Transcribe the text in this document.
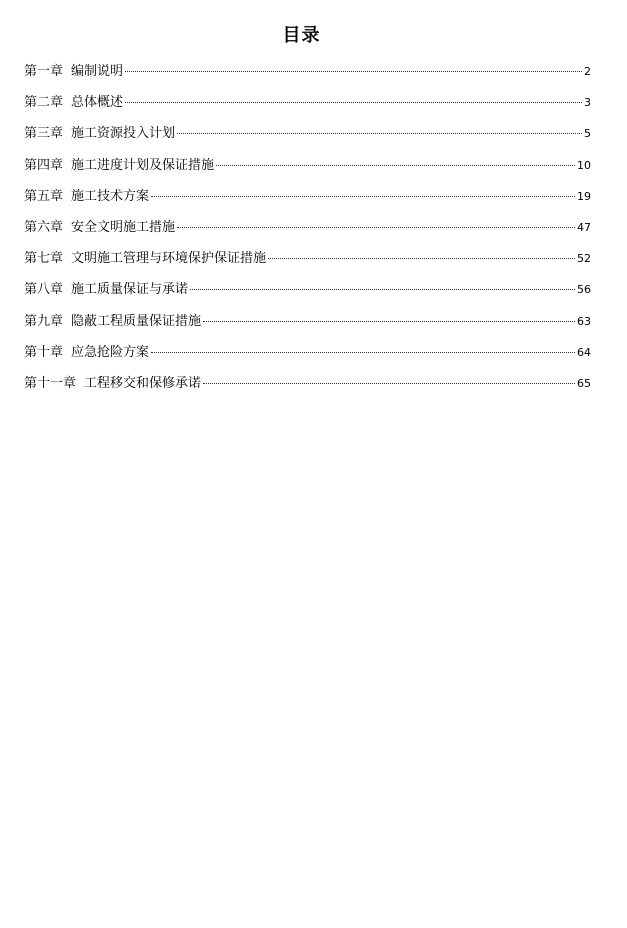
目录
第一章 编制说明	2
第二章 总体概述	3
第三章 施工资源投入计划	5
第四章 施工进度计划及保证措施	10
第五章 施工技术方案	19
第六章 安全文明施工措施	47
第七章 文明施工管理与环境保护保证措施	52
第八章 施工质量保证与承诺	56
第九章 隐蔽工程质量保证措施	63
第十章 应急抢险方案	64
第十一章 工程移交和保修承诺	65
